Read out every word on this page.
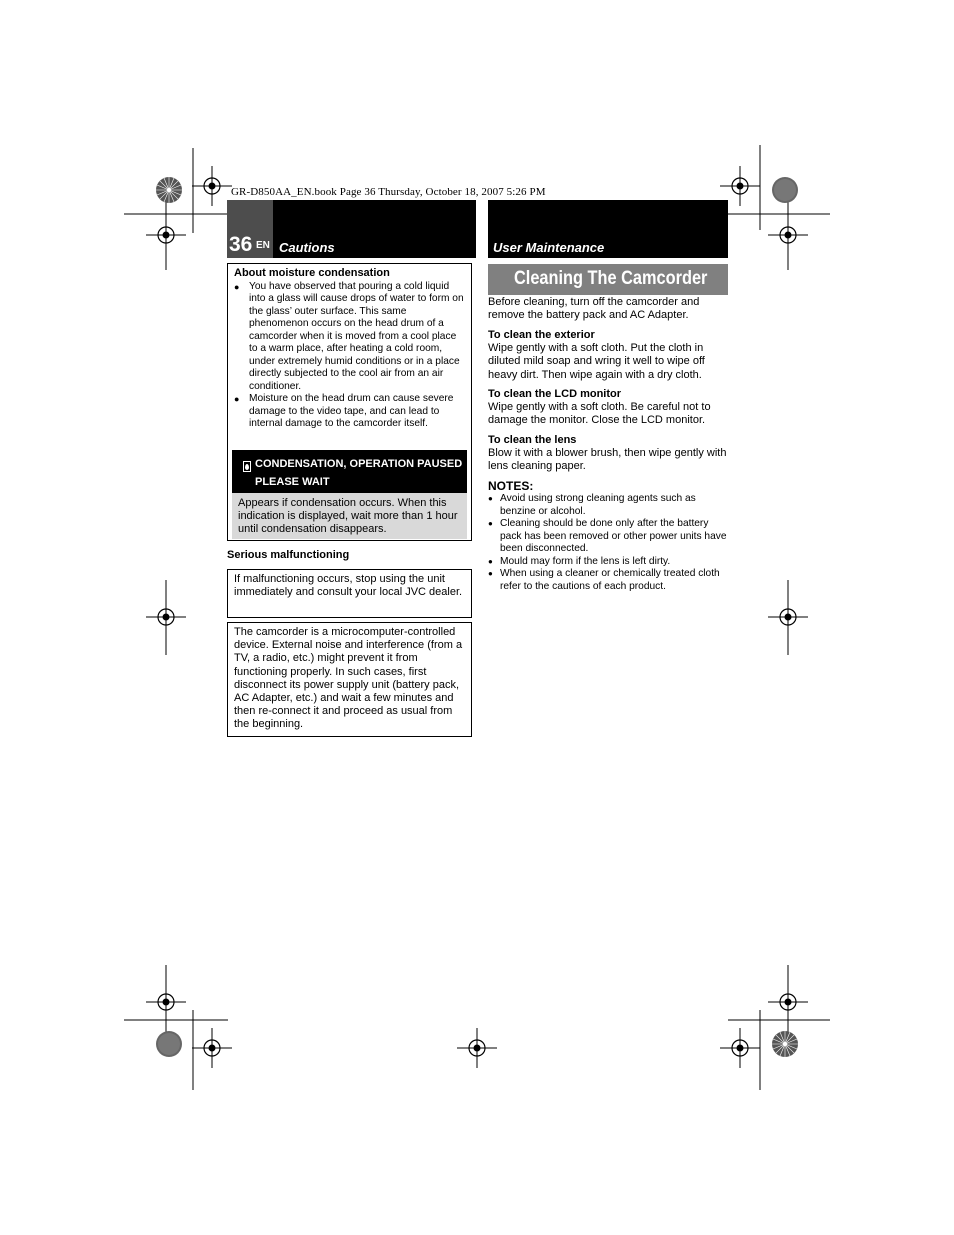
GR-D850AA_EN.book Page 36 Thursday, October 18, 2007 5:26 PM
36 EN Cautions	User Maintenance
About moisture condensation
● You have observed that pouring a cold liquid into a glass will cause drops of water to form on the glass’ outer surface. This same phenomenon occurs on the head drum of a camcorder when it is moved from a cool place to a warm place, after heating a cold room, under extremely humid conditions or in a place directly subjected to the cool air from an air conditioner.
● Moisture on the head drum can cause severe damage to the video tape, and can lead to internal damage to the camcorder itself.
CONDENSATION, OPERATION PAUSED PLEASE WAIT
Appears if condensation occurs. When this indication is displayed, wait more than 1 hour until condensation disappears.
Serious malfunctioning
If malfunctioning occurs, stop using the unit immediately and consult your local JVC dealer.
The camcorder is a microcomputer-controlled device. External noise and interference (from a TV, a radio, etc.) might prevent it from functioning properly. In such cases, first disconnect its power supply unit (battery pack, AC Adapter, etc.) and wait a few minutes and then re-connect it and proceed as usual from the beginning.
Cleaning The Camcorder
Before cleaning, turn off the camcorder and remove the battery pack and AC Adapter.
To clean the exterior
Wipe gently with a soft cloth. Put the cloth in diluted mild soap and wring it well to wipe off heavy dirt. Then wipe again with a dry cloth.
To clean the LCD monitor
Wipe gently with a soft cloth. Be careful not to damage the monitor. Close the LCD monitor.
To clean the lens
Blow it with a blower brush, then wipe gently with lens cleaning paper.
NOTES:
● Avoid using strong cleaning agents such as benzine or alcohol.
● Cleaning should be done only after the battery pack has been removed or other power units have been disconnected.
● Mould may form if the lens is left dirty.
● When using a cleaner or chemically treated cloth refer to the cautions of each product.
